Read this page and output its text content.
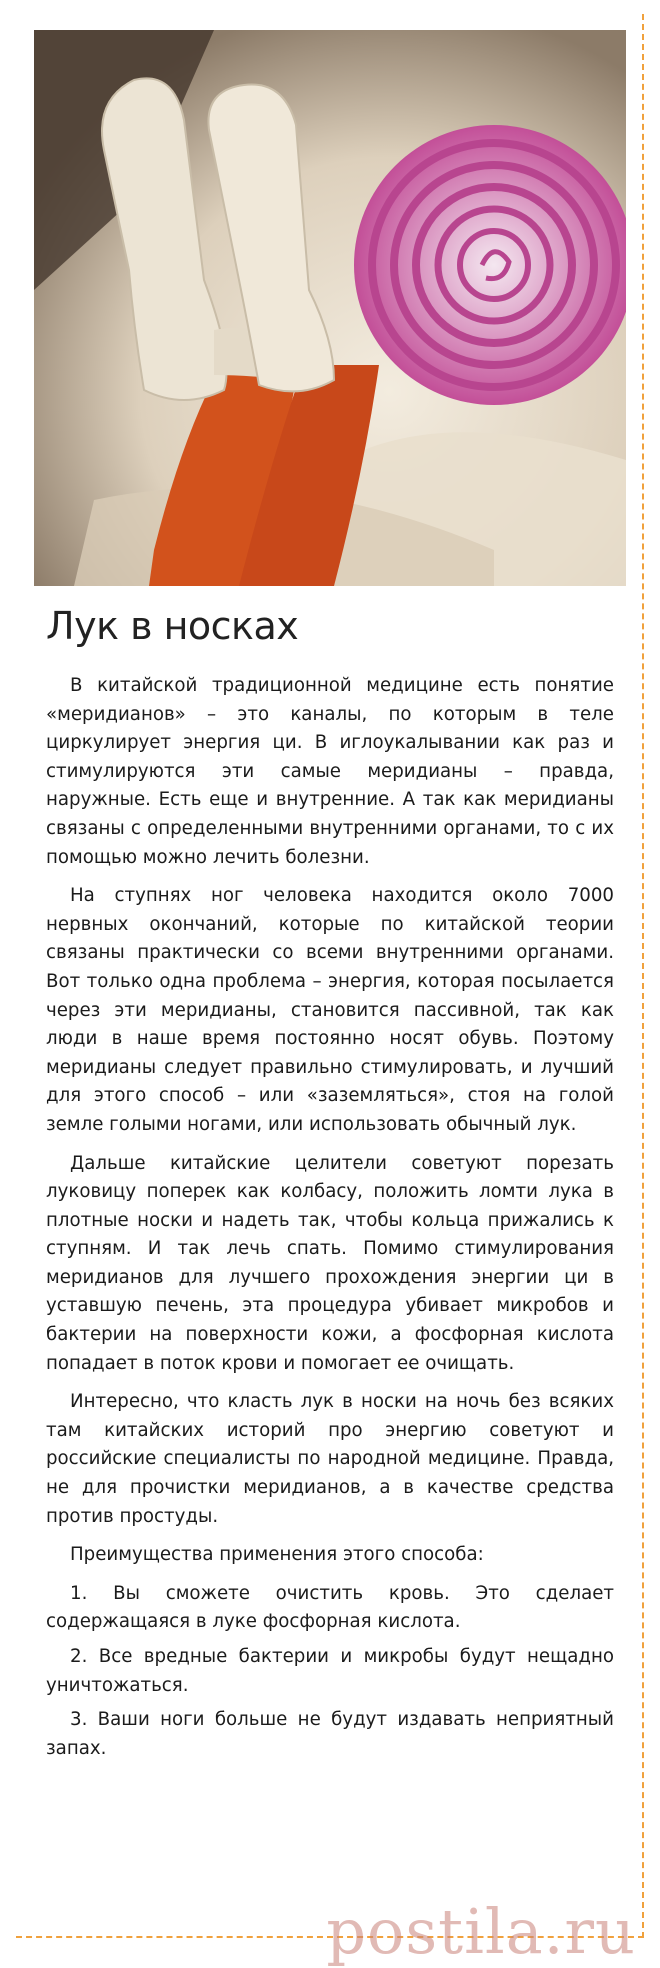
Лук в носках

В китайской традиционной медицине есть понятие «меридианов» – это каналы, по которым в теле циркулирует энергия ци. В иглоукалывании как раз и стимулируются эти самые меридианы – правда, наружные. Есть еще и внутренние. А так как меридианы связаны с определенными внутренними органами, то с их помощью можно лечить болезни.

На ступнях ног человека находится около 7000 нервных окончаний, которые по китайской теории связаны практически со всеми внутренними органами. Вот только одна проблема – энергия, которая посылается через эти меридианы, становится пассивной, так как люди в наше время постоянно носят обувь. Поэтому меридианы следует правильно стимулировать, и лучший для этого способ – или «заземляться», стоя на голой земле голыми ногами, или использовать обычный лук.

Дальше китайские целители советуют порезать луковицу поперек как колбасу, положить ломти лука в плотные носки и надеть так, чтобы кольца прижались к ступням. И так лечь спать. Помимо стимулирования меридианов для лучшего прохождения энергии ци в уставшую печень, эта процедура убивает микробов и бактерии на поверхности кожи, а фосфорная кислота попадает в поток крови и помогает ее очищать.

Интересно, что класть лук в носки на ночь без всяких там китайских историй про энергию советуют и российские специалисты по народной медицине. Правда, не для прочистки меридианов, а в качестве средства против простуды.

Преимущества применения этого способа:

1. Вы сможете очистить кровь. Это сделает содержащаяся в луке фосфорная кислота.
2. Все вредные бактерии и микробы будут нещадно уничтожаться.
3. Ваши ноги больше не будут издавать неприятный запах.
postila.ru
